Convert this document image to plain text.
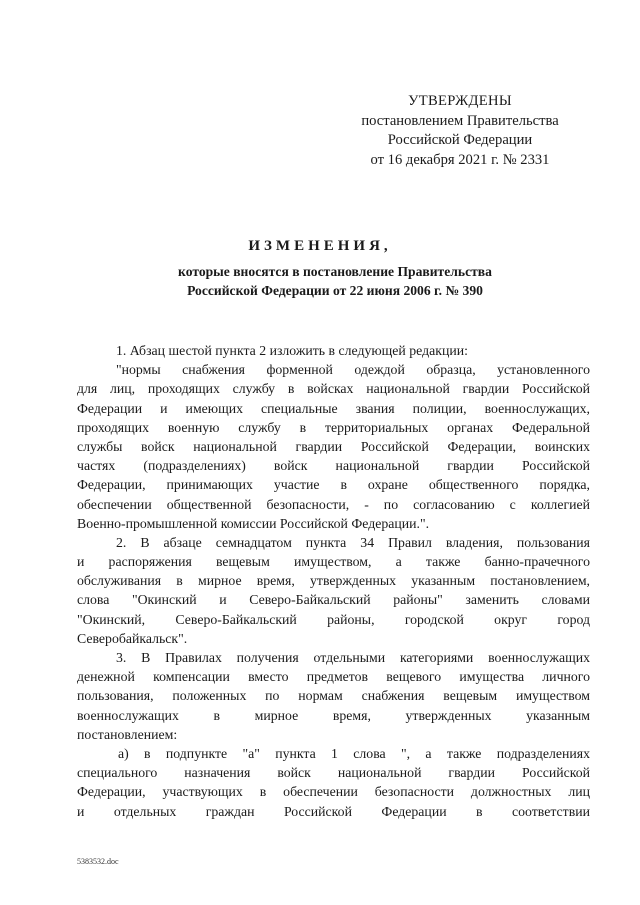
УТВЕРЖДЕНЫ
постановлением Правительства
Российской Федерации
от 16 декабря 2021 г. № 2331
ИЗМЕНЕНИЯ,
которые вносятся в постановление Правительства
Российской Федерации от 22 июня 2006 г. № 390
1. Абзац шестой пункта 2 изложить в следующей редакции:
"нормы снабжения форменной одеждой образца, установленного
для лиц, проходящих службу в войсках национальной гвардии Российской
Федерации и имеющих специальные звания полиции, военнослужащих,
проходящих военную службу в территориальных органах Федеральной
службы войск национальной гвардии Российской Федерации, воинских
частях (подразделениях) войск национальной гвардии Российской
Федерации, принимающих участие в охране общественного порядка,
обеспечении общественной безопасности, - по согласованию с коллегией
Военно-промышленной комиссии Российской Федерации.".
2. В абзаце семнадцатом пункта 34 Правил владения, пользования
и распоряжения вещевым имуществом, а также банно-прачечного
обслуживания в мирное время, утвержденных указанным постановлением,
слова "Окинский и Северо-Байкальский районы" заменить словами
"Окинский, Северо-Байкальский районы, городской округ город
Северобайкальск".
3. В Правилах получения отдельными категориями военнослужащих
денежной компенсации вместо предметов вещевого имущества личного
пользования, положенных по нормам снабжения вещевым имуществом
военнослужащих в мирное время, утвержденных указанным
постановлением:
а) в подпункте "а" пункта 1 слова ", а также подразделениях
специального назначения войск национальной гвардии Российской
Федерации, участвующих в обеспечении безопасности должностных лиц
и отдельных граждан Российской Федерации в соответствии
5383532.doc
